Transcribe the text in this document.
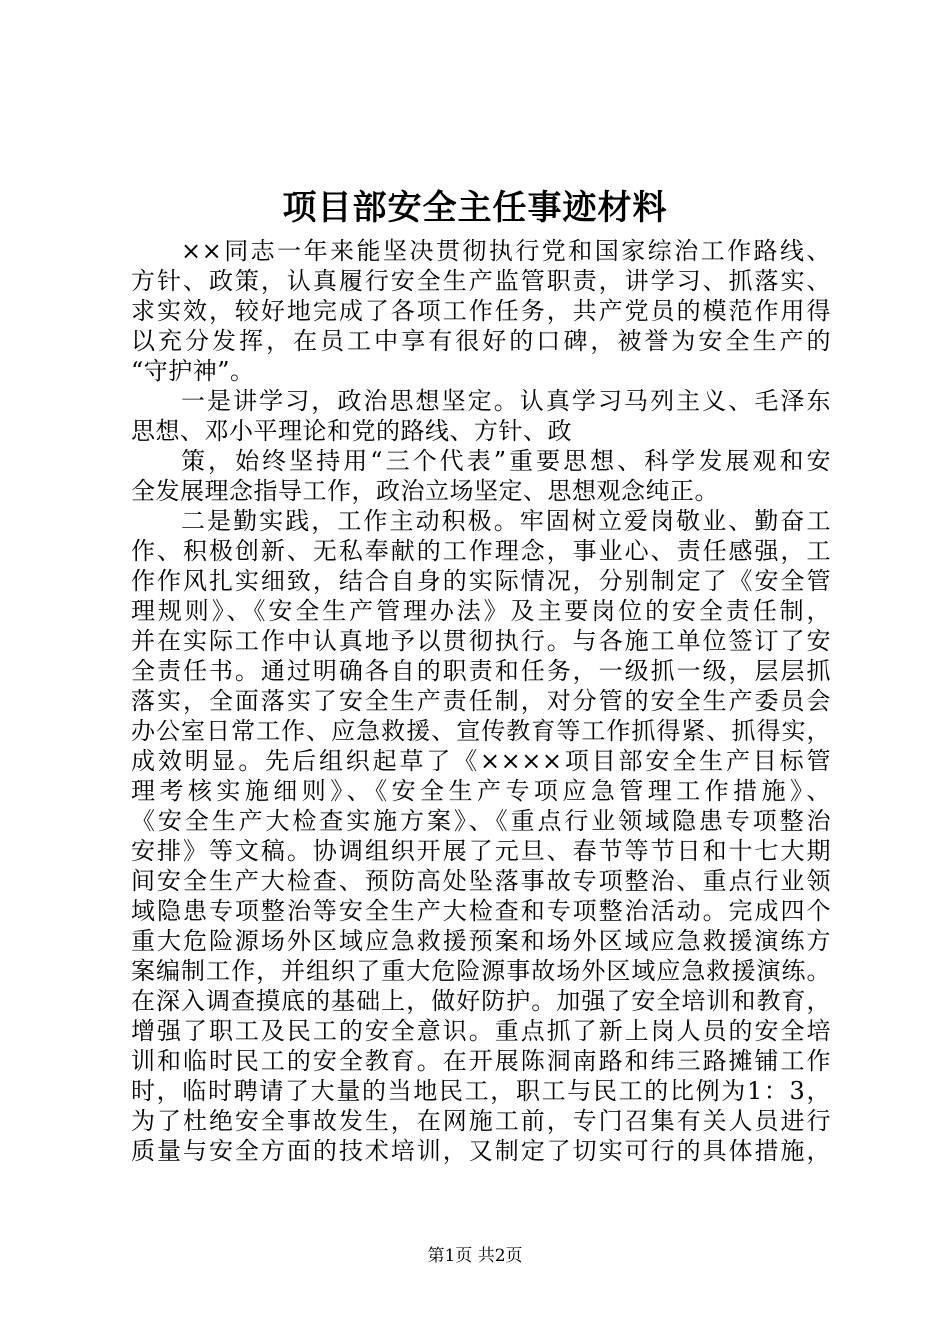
项目部安全主任事迹材料
××同志一年来能坚决贯彻执行党和国家综治工作路线、
方针、政策，认真履行安全生产监管职责，讲学习、抓落实、
求实效，较好地完成了各项工作任务，共产党员的模范作用得
以充分发挥，在员工中享有很好的口碑，被誉为安全生产的
“守护神”。
一是讲学习，政治思想坚定。认真学习马列主义、毛泽东
思想、邓小平理论和党的路线、方针、政
策，始终坚持用“三个代表”重要思想、科学发展观和安
全发展理念指导工作，政治立场坚定、思想观念纯正。
二是勤实践，工作主动积极。牢固树立爱岗敬业、勤奋工
作、积极创新、无私奉献的工作理念，事业心、责任感强，工
作作风扎实细致，结合自身的实际情况，分别制定了《安全管
理规则》、《安全生产管理办法》及主要岗位的安全责任制，
并在实际工作中认真地予以贯彻执行。与各施工单位签订了安
全责任书。通过明确各自的职责和任务，一级抓一级，层层抓
落实，全面落实了安全生产责任制，对分管的安全生产委员会
办公室日常工作、应急救援、宣传教育等工作抓得紧、抓得实，
成效明显。先后组织起草了《××××项目部安全生产目标管
理考核实施细则》、《安全生产专项应急管理工作措施》、
《安全生产大检查实施方案》、《重点行业领域隐患专项整治
安排》等文稿。协调组织开展了元旦、春节等节日和十七大期
间安全生产大检查、预防高处坠落事故专项整治、重点行业领
域隐患专项整治等安全生产大检查和专项整治活动。完成四个
重大危险源场外区域应急救援预案和场外区域应急救援演练方
案编制工作，并组织了重大危险源事故场外区域应急救援演练。
在深入调查摸底的基础上，做好防护。加强了安全培训和教育，
增强了职工及民工的安全意识。重点抓了新上岗人员的安全培
训和临时民工的安全教育。在开展陈洞南路和纬三路摊铺工作
时，临时聘请了大量的当地民工，职工与民工的比例为1：3，
为了杜绝安全事故发生，在网施工前，专门召集有关人员进行
质量与安全方面的技术培训，又制定了切实可行的具体措施，
第1页 共2页
